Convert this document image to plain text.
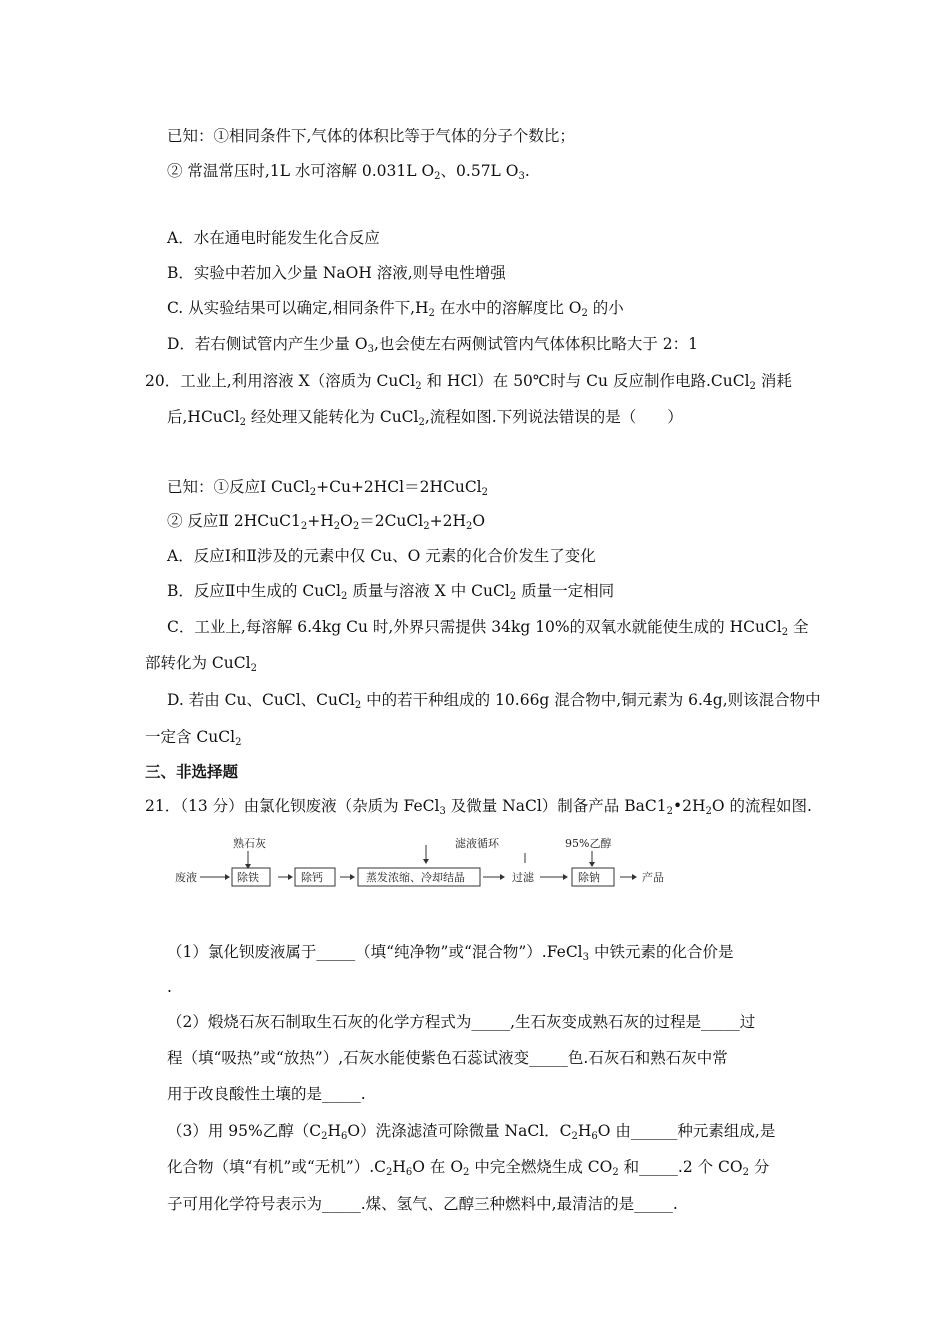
已知：①相同条件下,气体的体积比等于气体的分子个数比；
② 常温常压时,1L 水可溶解 0.031L $O_2$、0.57L $O_3$.
A．水在通电时能发生化合反应
B．实验中若加入少量 NaOH 溶液,则导电性增强
C. 从实验结果可以确定,相同条件下$,H_2$ 在水中的溶解度比 $O_2$ 的小
D．若右侧试管内产生少量 $O_3$,也会使左右两侧试管内气体体积比略大于 2：1
20．工业上,利用溶液 X（溶质为 CuCl$_2$ 和 HCl）在 50℃时与 Cu 反应制作电路.CuCl$_2$ 消耗
后,HCuCl$_2$ 经处理又能转化为 CuCl$_2$,流程如图.下列说法错误的是（　　）
已知：①反应Ⅰ CuCl$_2$+Cu+2HCl＝2HCuCl$_2$
② 反应Ⅱ $2HCuC1_2+H_2O_2=2CuCl_2+2H_2O$
A．反应Ⅰ和Ⅱ涉及的元素中仅 Cu、O 元素的化合价发生了变化
B．反应Ⅱ中生成的 CuCl$_2$ 质量与溶液 X 中 CuCl$_2$ 质量一定相同
C．工业上,每溶解 6.4kg Cu 时,外界只需提供 34kg 10%的双氧水就能使生成的 HCuCl$_2$ 全
部转化为 CuCl$_2$
D. 若由 Cu、CuCl、CuCl$_2$ 中的若干种组成的 10.66g 混合物中,铜元素为 6.4g,则该混合物中
一定含 CuCl$_2$
三、非选择题
21．（13 分）由氯化钡废液（杂质为 FeCl$_3$ 及微量 NaCl）制备产品 $BaC1_2•2H_2O$ 的流程如图.
废液
熟石灰
除铁	除钙	蒸发浓缩、冷却结晶
滤液循环
过滤
95%乙醇
除钠	产品
（1）氯化钡废液属于_____（填“纯净物”或“混合物”）.FeCl$_3$ 中铁元素的化合价是
.
（2）煅烧石灰石制取生石灰的化学方程式为_____,生石灰变成熟石灰的过程是_____过
程（填“吸热”或“放热”）,石灰水能使紫色石蕊试液变_____色.石灰石和熟石灰中常
用于改良酸性土壤的是_____.
（3）用 95%乙醇$(C_2H_6O)$洗涤滤渣可除微量 NaCl．$C_2H_6O$ 由______种元素组成,是
化合物（填“有机”或“无机$”).C_2H_6O$ 在 $O_2$ 中完全燃烧生成 $CO_2$ 和_____.2 个 $CO_2$ 分
子可用化学符号表示为_____.煤、氢气、乙醇三种燃料中,最清洁的是_____.
